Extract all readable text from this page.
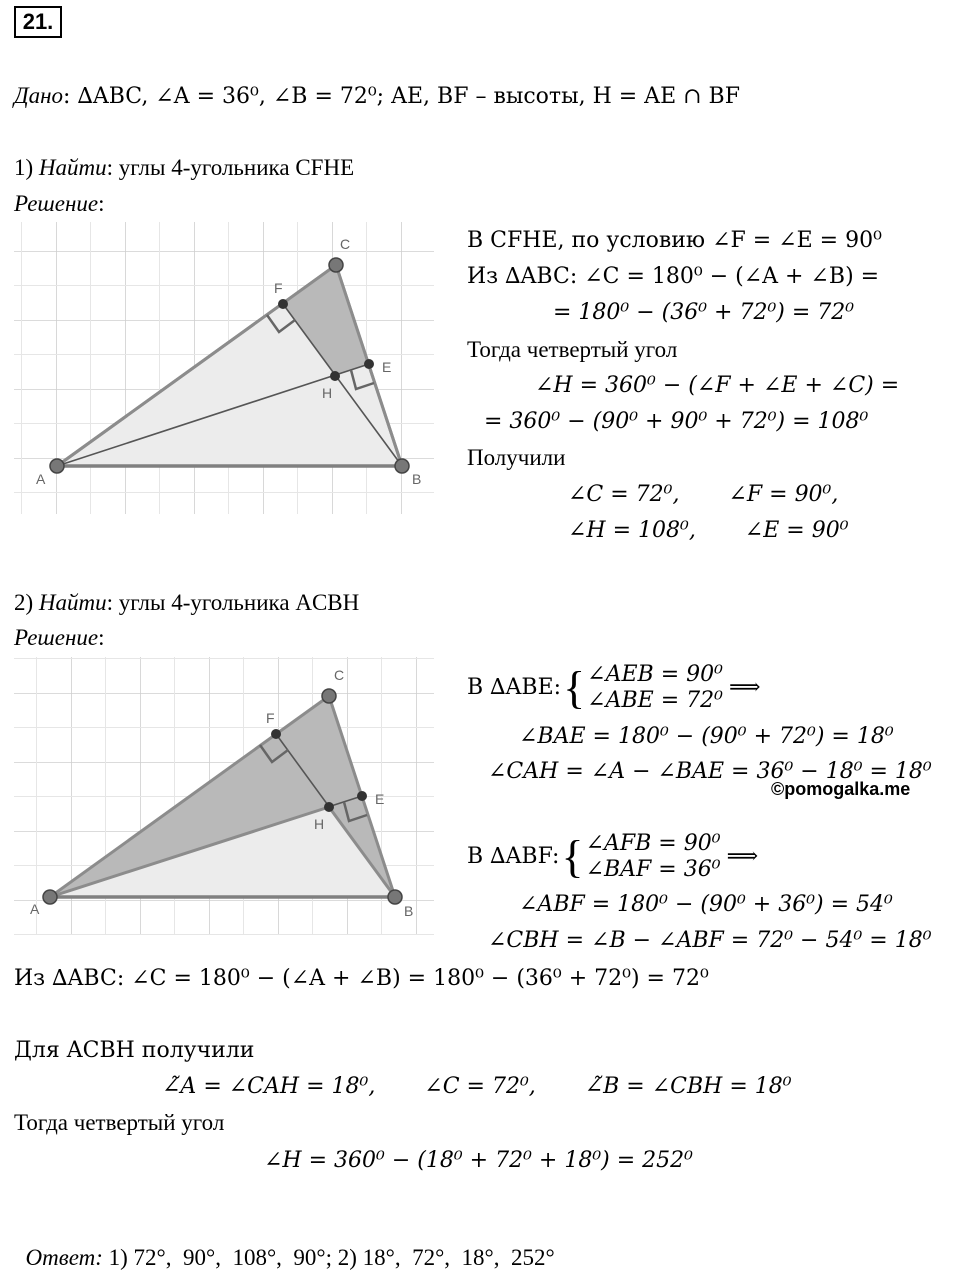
21.
Дано: ∆ABC, ∠A = 36⁰, ∠B = 72⁰; AE, BF – высоты, H = AE ∩ BF
1) Найти: углы 4-угольника CFHE
Решение:
A	B
C
F
E
H
В CFHE, по условию ∠F = ∠E = 90⁰
Из ∆ABC: ∠C = 180⁰ − (∠A + ∠B) =
= 180⁰ − (36⁰ + 72⁰) = 72⁰
Тогда четвертый угол
∠H = 360⁰ − (∠F + ∠E + ∠C) =
= 360⁰ − (90⁰ + 90⁰ + 72⁰) = 108⁰
Получили
∠C = 72⁰,       ∠F = 90⁰,
∠H = 108⁰,       ∠E = 90⁰
2) Найти: углы 4-угольника ACBH
Решение:
A	B
C
F
E
H
В ∆ABE:{ ∠AEB = 90⁰
∠ABE = 72⁰
⟹
∠BAE = 180⁰ − (90⁰ + 72⁰) = 18⁰
∠CAH = ∠A − ∠BAE = 36⁰ − 18⁰ = 18⁰
©pomogalka.me
В ∆ABF:{ ∠AFB = 90⁰
∠BAF = 36⁰
⟹
∠ABF = 180⁰ − (90⁰ + 36⁰) = 54⁰
∠CBH = ∠B − ∠ABF = 72⁰ − 54⁰ = 18⁰
Из ∆ABC: ∠C = 180⁰ − (∠A + ∠B) = 180⁰ − (36⁰ + 72⁰) = 72⁰
Для ACBH получили
∠̃A = ∠CAH = 18⁰,       ∠C = 72⁰,       ∠̃B = ∠CBH = 18⁰
Тогда четвертый угол
∠H = 360⁰ − (18⁰ + 72⁰ + 18⁰) = 252⁰

Ответ: 1) 72°,  90°,  108°,  90°; 2) 18°,  72°,  18°,  252°
